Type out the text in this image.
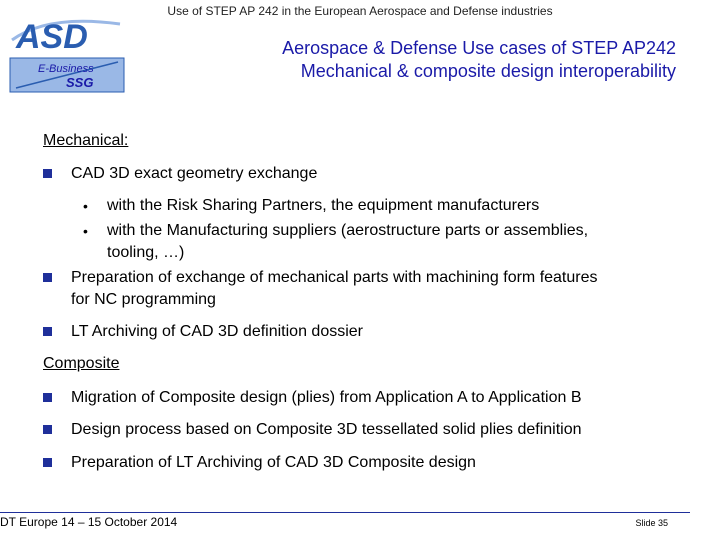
Use of STEP AP 242 in the European Aerospace and Defense industries
ASD
E-Business
SSG
Aerospace & Defense Use cases of STEP AP242
Mechanical & composite design interoperability
Mechanical:
CAD 3D exact geometry exchange
• with the Risk Sharing Partners, the equipment manufacturers
• with the Manufacturing suppliers (aerostructure parts or assemblies,
tooling, …)
Preparation of exchange of mechanical parts with machining form features
for NC programming
LT Archiving of CAD 3D definition dossier
Composite
Migration of Composite design (plies) from Application A to Application B
Design process based on Composite 3D tessellated solid plies definition
Preparation of LT Archiving of CAD 3D Composite design
DT Europe 14 – 15 October 2014	Slide 35
